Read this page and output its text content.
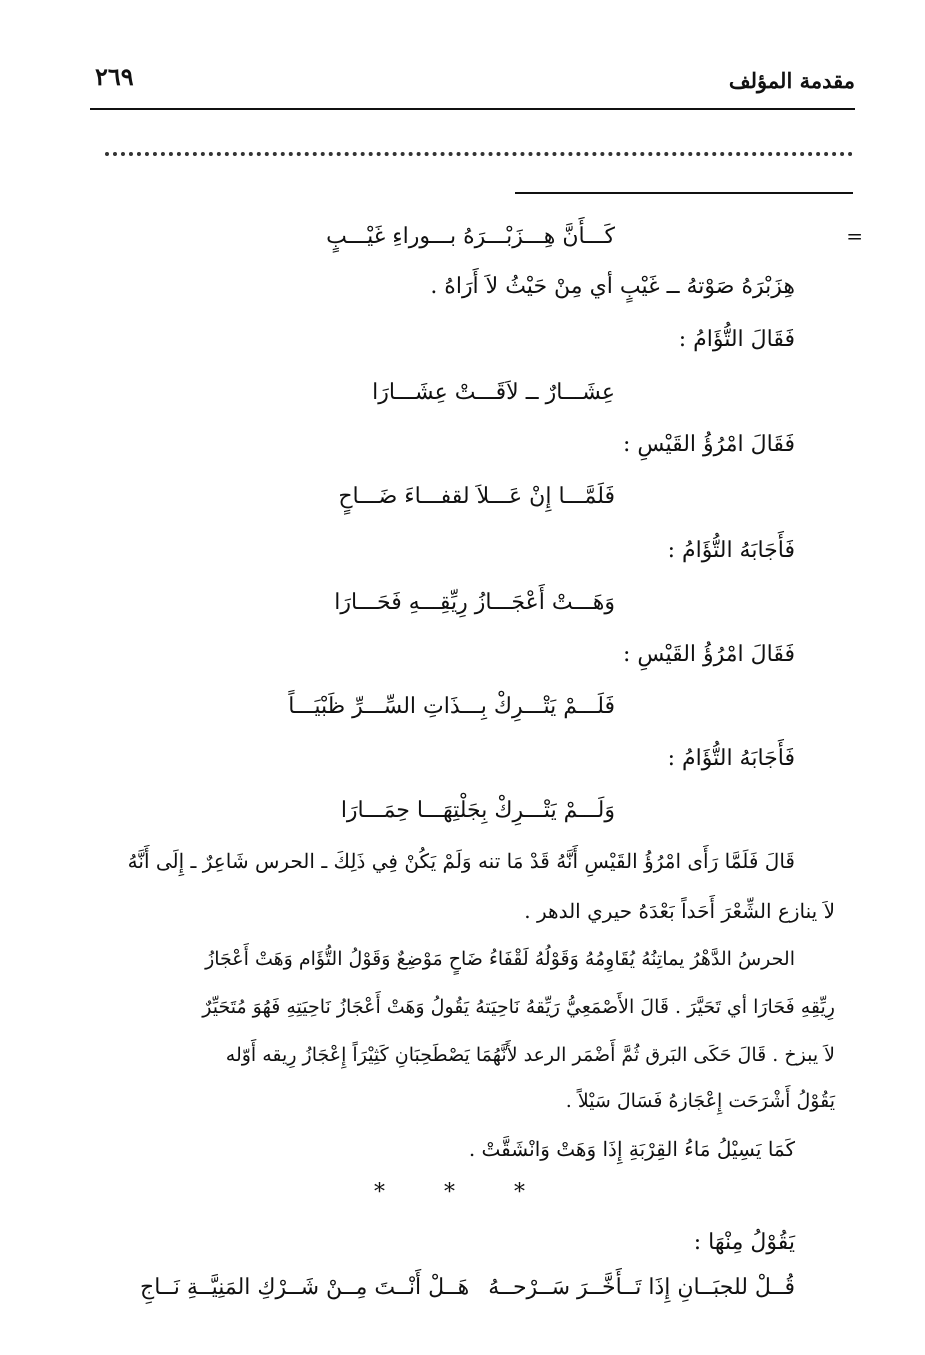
مقدمة المؤلف
٢٦٩
=
كَـــأَنَّ هِـــزَبْـــرَهُ بـــوراءِ غَيْـــبٍ
هِزَبْرَهُ صَوْتهُ ــ غَيْبٍ أي مِنْ حَيْثُ لاَ أَرَاهُ .
فَقَالَ التُّؤَامُ :
عِشَـــارٌ ــ لاَقَـــتْ عِشَـــارَا
فَقَالَ امْرُؤُ القَيْسِ :
فَلَمَّـــا إِنْ عَـــلاَ لقفـــاءَ ضَـــاحٍ
فَأَجَابَهُ التُّؤَامُ :
وَهَـــتْ أَعْجَـــازُ رِيِّقِـــهِ فَحَـــارَا
فَقَالَ امْرُؤُ القَيْسِ :
فَلَـــمْ يَتْـــرِكْ بِـــذَاتِ السِّـــرِّ ظَبْيَـــاً
فَأَجَابَهُ التُّؤَامُ :
وَلَـــمْ يَتْـــرِكْ بِجَلْتِهَـــا حِمَـــارَا
قَالَ فَلَمَّا رَأَى امْرُؤُ القَيْسِ أَنَّهُ قَدْ مَا تنه وَلَمْ يَكُنْ فِي ذَلِكَ ـ الحرس شَاعِرٌ ـ إِلَى أَنَّهُ
لاَ ينازع الشِّعْرَ أَحَداً بَعْدَهُ حيري الدهر .
الحرسُ الدَّهْرُ يماتِنُهُ يُقَاوِمُهُ وَقَوْلُهُ لَقْفَاءُ ضَاحٍ مَوْضِعٌ وَقَوْلُ التُّؤَام وَهَتْ أَعْجَازُ
رِيِّقِهِ فَحَارَا أي تَحَيَّرَ . قَالَ الأَصْمَعِيُّ رَيِّقهُ نَاحِيَتهُ يَقُولُ وَهَتْ أَعْجَازُ نَاحِيَتِهِ فَهُوَ مُتَحَيِّرٌ
لاَ يبزخ . قَالَ حَكَى البَرق ثُمَّ أَضْمَر الرعد لأَنَّهُمَا يَصْطَحِبَانِ كَثِيْرَاً إِعْجَازُ رِيقه أَوّله
يَقُوْلُ أَشْرَحَت إِعْجَازهُ فَسَالَ سَيْلاً .
كَمَا يَسِيْلُ مَاءُ القِرْبَةِ إِذَا وَهَتْ وَانْشَقَّتْ .
* * *
يَقُوْلُ مِنْهَا :
قُــلْ للجبَــانِ إِذَا تَــأَخَّــرَ سَــرْحــهُ
هَــلْ أَنْــتَ مِــنْ شَــرْكِ المَنِيَّــةِ نَــاجِ
